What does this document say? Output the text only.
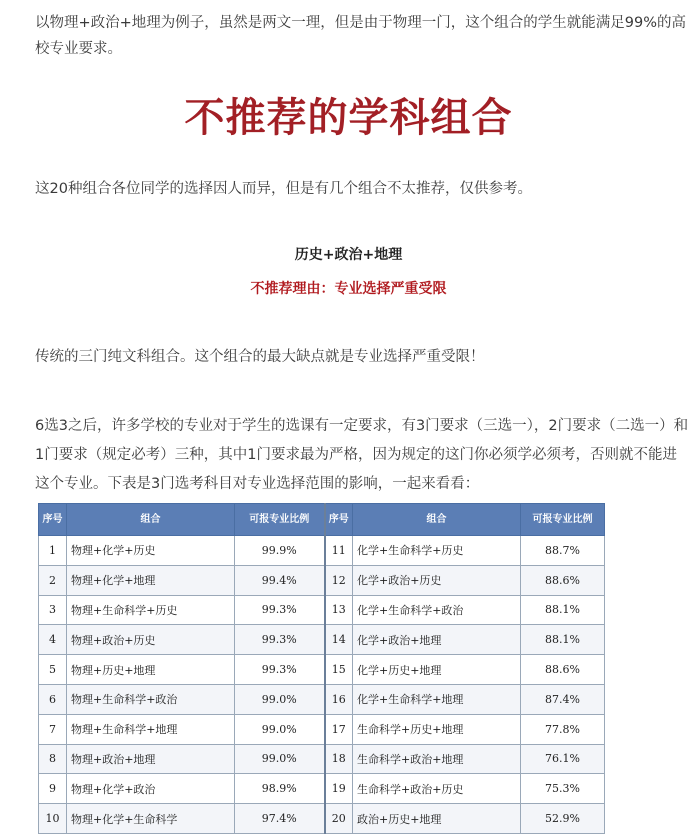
以物理+政治+地理为例子，虽然是两文一理，但是由于物理一门，这个组合的学生就能满足99%的高校专业要求。
不推荐的学科组合
这20种组合各位同学的选择因人而异，但是有几个组合不太推荐，仅供参考。
历史+政治+地理
不推荐理由：专业选择严重受限
传统的三门纯文科组合。这个组合的最大缺点就是专业选择严重受限！
6选3之后，许多学校的专业对于学生的选课有一定要求，有3门要求（三选一），2门要求（二选一）和1门要求（规定必考）三种，其中1门要求最为严格，因为规定的这门你必须学必须考，否则就不能进这个专业。下表是3门选考科目对专业选择范围的影响，一起来看看：
序号	组合	可报专业比例	序号	组合	可报专业比例
1	物理+化学+历史	99.9%	11	化学+生命科学+历史	88.7%
2	物理+化学+地理	99.4%	12	化学+政治+历史	88.6%
3	物理+生命科学+历史	99.3%	13	化学+生命科学+政治	88.1%
4	物理+政治+历史	99.3%	14	化学+政治+地理	88.1%
5	物理+历史+地理	99.3%	15	化学+历史+地理	88.6%
6	物理+生命科学+政治	99.0%	16	化学+生命科学+地理	87.4%
7	物理+生命科学+地理	99.0%	17	生命科学+历史+地理	77.8%
8	物理+政治+地理	99.0%	18	生命科学+政治+地理	76.1%
9	物理+化学+政治	98.9%	19	生命科学+政治+历史	75.3%
10	物理+化学+生命科学	97.4%	20	政治+历史+地理	52.9%
